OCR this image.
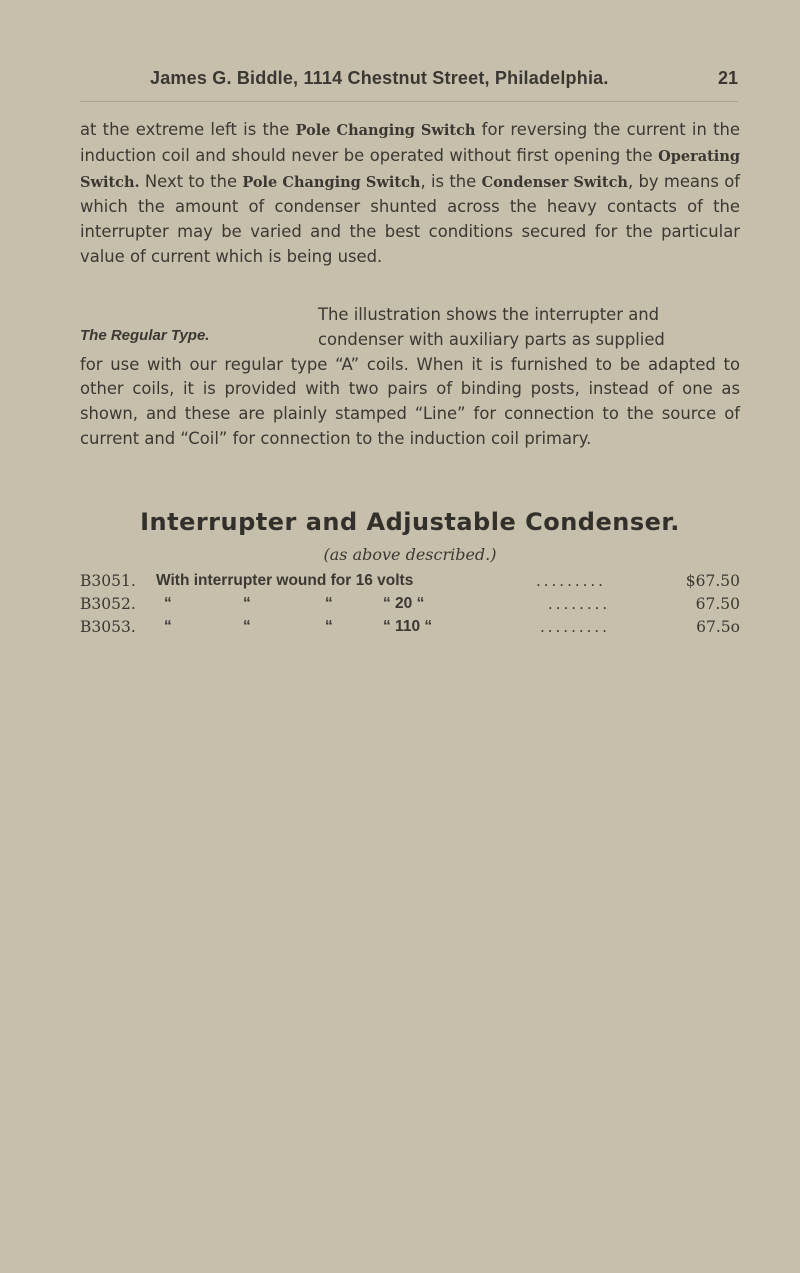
James G. Biddle, 1114 Chestnut Street, Philadelphia.	21
at the extreme left is the Pole Changing Switch for reversing the current in the induction coil and should never be operated without first opening the Operating Switch. Next to the Pole Changing Switch, is the Condenser Switch, by means of which the amount of condenser shunted across the heavy contacts of the interrupter may be varied and the best conditions secured for the particular value of current which is being used.
The Regular Type.
The illustration shows the interrupter and
condenser with auxiliary parts as supplied
for use with our regular type “A” coils. When it is furnished to be adapted to other coils, it is provided with two pairs of binding posts, instead of one as shown, and these are plainly stamped “Line” for connection to the source of current and “Coil” for connection to the induction coil primary.
Interrupter and Adjustable Condenser.
(as above described.)
B3051. With interrupter wound for 16 volts	.........	$67.50
B3052. “	“	“	“ 20 “	........	67.50
B3053. “	“	“	“ 110 “	.........	67.5o
